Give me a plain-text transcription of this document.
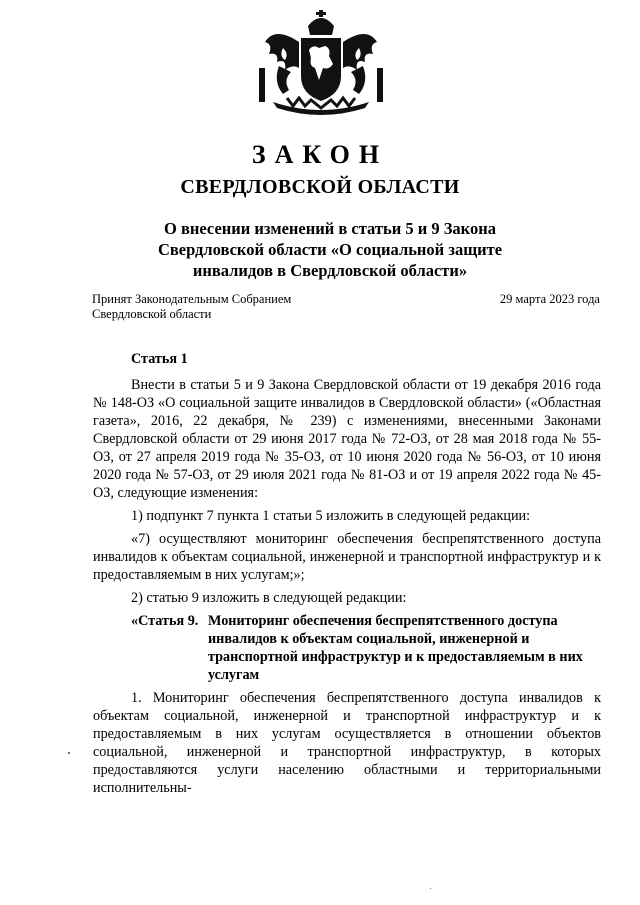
ЗАКОН
СВЕРДЛОВСКОЙ ОБЛАСТИ
О внесении изменений в статьи 5 и 9 Закона
Свердловской области «О социальной защите
инвалидов в Свердловской области»
Принят Законодательным Собранием
Свердловской области
29 марта 2023 года

Статья 1

Внести в статьи 5 и 9 Закона Свердловской области от 19 декабря 2016 года № 148-ОЗ «О социальной защите инвалидов в Свердловской области» («Областная газета», 2016, 22 декабря, № 239) с изменениями, внесенными Законами Свердловской области от 29 июня 2017 года № 72-ОЗ, от 28 мая 2018 года № 55-ОЗ, от 27 апреля 2019 года № 35-ОЗ, от 10 июня 2020 года № 56-ОЗ, от 10 июня 2020 года № 57-ОЗ, от 29 июля 2021 года № 81-ОЗ и от 19 апреля 2022 года № 45-ОЗ, следующие изменения:

1) подпункт 7 пункта 1 статьи 5 изложить в следующей редакции:

«7) осуществляют мониторинг обеспечения беспрепятственного доступа инвалидов к объектам социальной, инженерной и транспортной инфраструктур и к предоставляемым в них услугам;»;

2) статью 9 изложить в следующей редакции:

«Статья 9. Мониторинг обеспечения беспрепятственного доступа инвалидов к объектам социальной, инженерной и транспортной инфраструктур и к предоставляемым в них услугам

1. Мониторинг обеспечения беспрепятственного доступа инвалидов к объектам социальной, инженерной и транспортной инфраструктур и к предоставляемым в них услугам осуществляется в отношении объектов социальной, инженерной и транспортной инфраструктур, в которых предоставляются услуги населению областными и территориальными исполнительны-
